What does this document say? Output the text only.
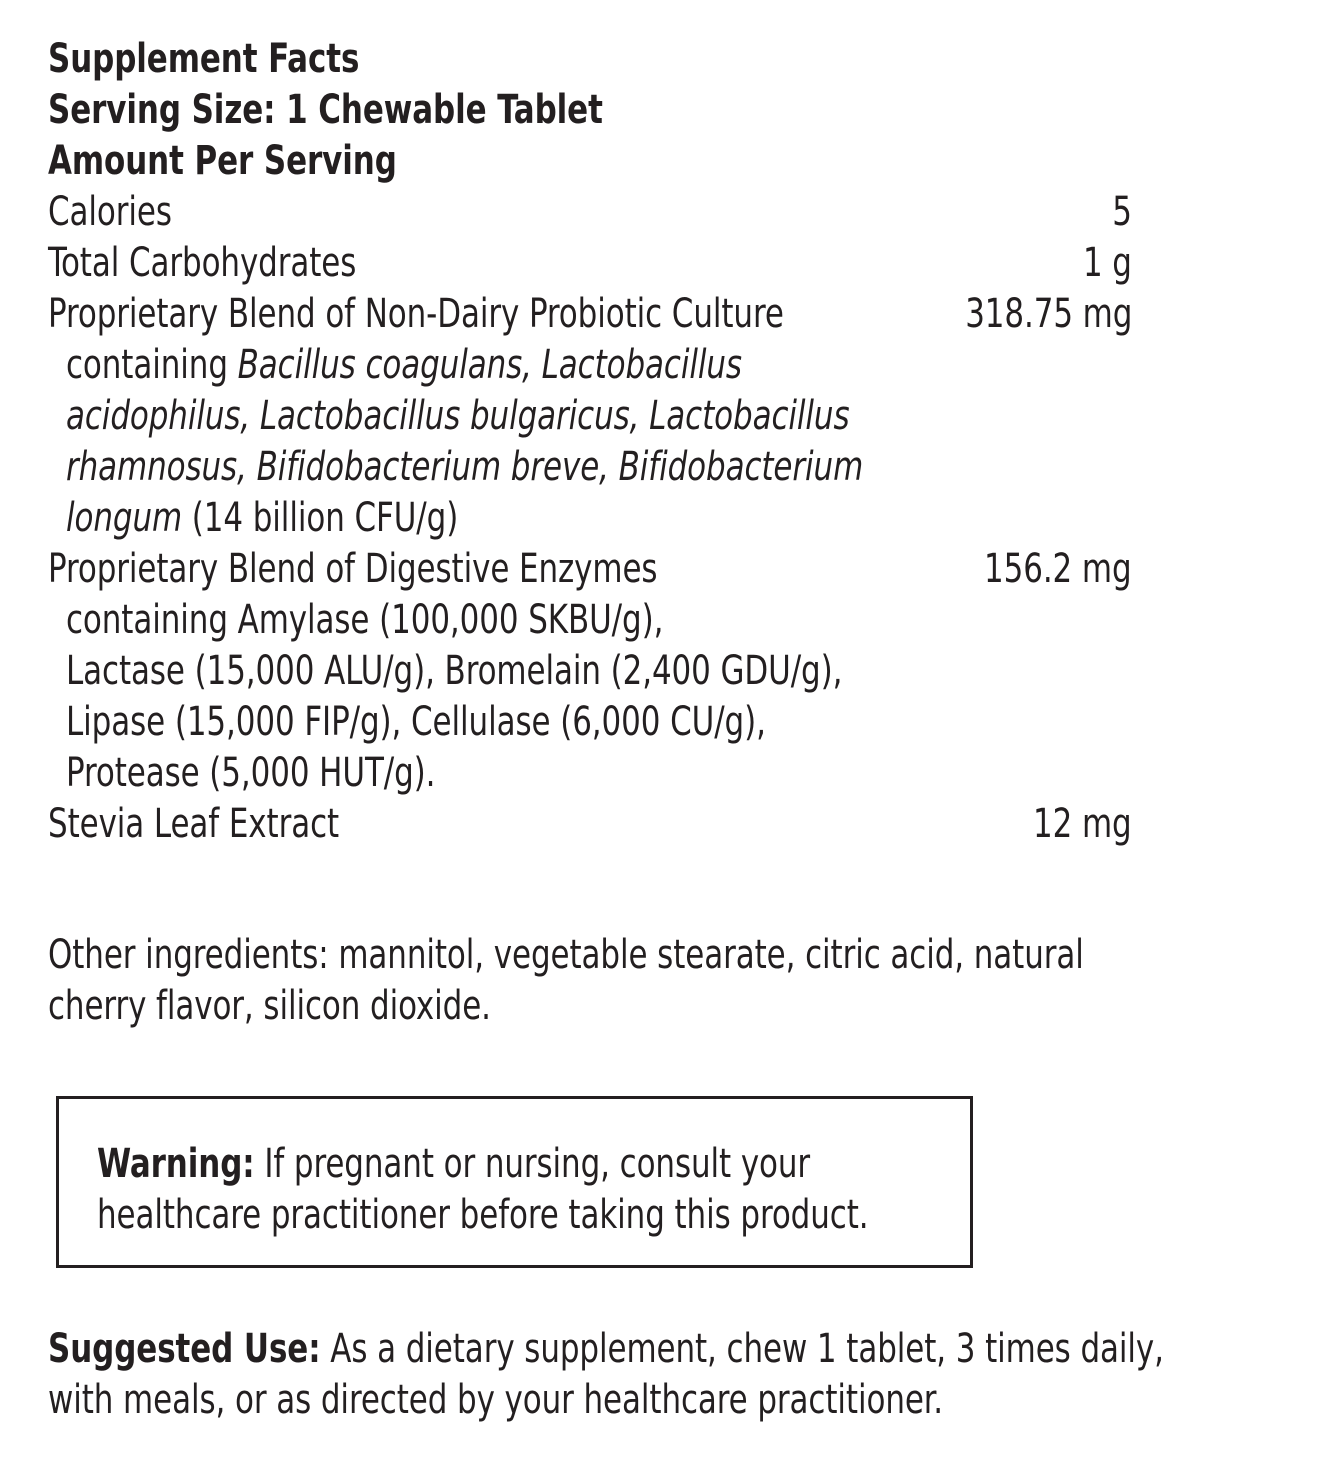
Supplement Facts
Serving Size: 1 Chewable Tablet
Amount Per Serving
Calories	5
Total Carbohydrates	1 g
Proprietary Blend of Non-Dairy Probiotic Culture	318.75 mg
containing Bacillus coagulans, Lactobacillus
acidophilus, Lactobacillus bulgaricus, Lactobacillus
rhamnosus, Bifidobacterium breve, Bifidobacterium
longum (14 billion CFU/g)
Proprietary Blend of Digestive Enzymes	156.2 mg
containing Amylase (100,000 SKBU/g),
Lactase (15,000 ALU/g), Bromelain (2,400 GDU/g),
Lipase (15,000 FIP/g), Cellulase (6,000 CU/g),
Protease (5,000 HUT/g).
Stevia Leaf Extract	12 mg
Other ingredients: mannitol, vegetable stearate, citric acid, natural
cherry flavor, silicon dioxide.
Warning: If pregnant or nursing, consult your
healthcare practitioner before taking this product.
Suggested Use: As a dietary supplement, chew 1 tablet, 3 times daily,
with meals, or as directed by your healthcare practitioner.
